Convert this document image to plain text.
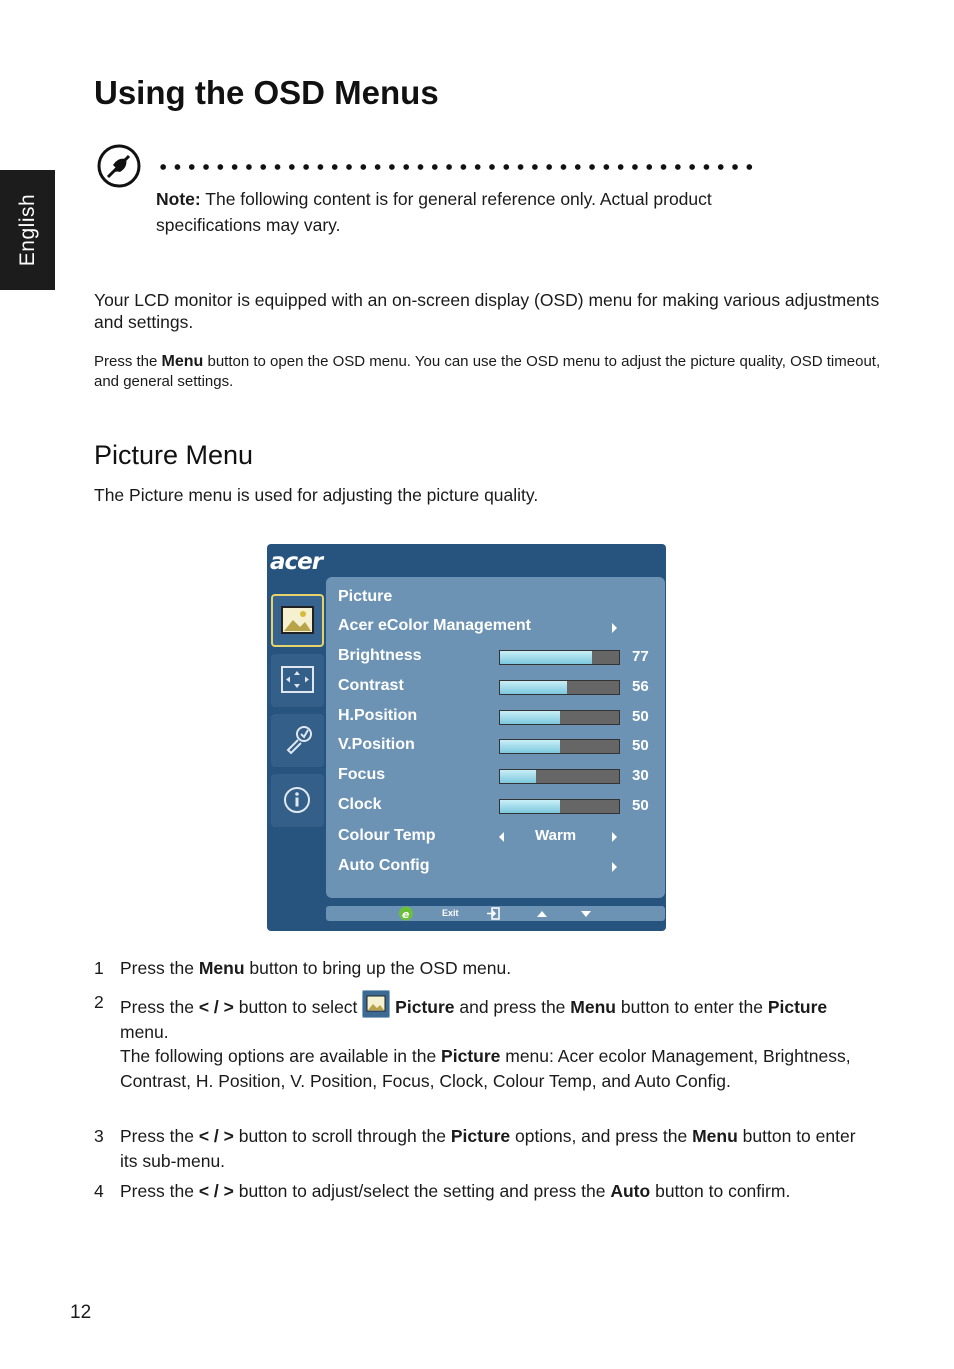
English
Using the OSD Menus
Note: The following content is for general reference only. Actual product specifications may vary.
Your LCD monitor is equipped with an on-screen display (OSD) menu for making various adjustments and settings.
Press the Menu button to open the OSD menu. You can use the OSD menu to adjust the picture quality, OSD timeout, and general settings.
Picture Menu
The Picture menu is used for adjusting the picture quality.
acer
Picture
Acer eColor Management
Brightness	77
Contrast	56
H.Position	50
V.Position	50
Focus	30
Clock	50
Colour Temp	Warm
Auto Config
e	Exit
1 Press the Menu button to bring up the OSD menu.
2 Press the < / > button to select Picture and press the Menu button to enter the Picture menu.
The following options are available in the Picture menu: Acer ecolor Management, Brightness, Contrast, H. Position, V. Position, Focus, Clock, Colour Temp, and Auto Config.
3 Press the < / > button to scroll through the Picture options, and press the Menu button to enter its sub-menu.
4 Press the < / > button to adjust/select the setting and press the Auto button to confirm.
12
